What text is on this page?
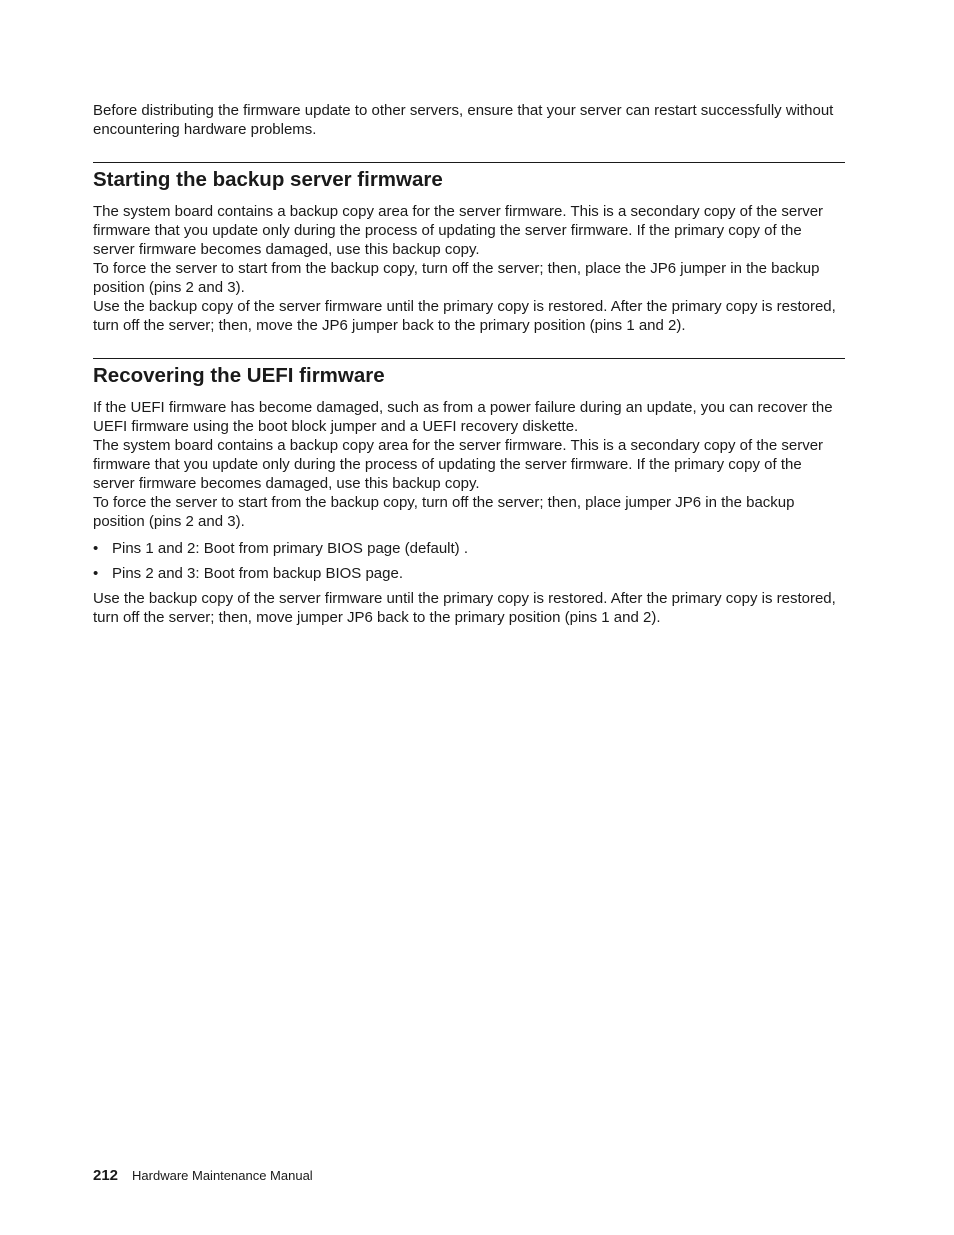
Before distributing the firmware update to other servers, ensure that your server can restart successfully without encountering hardware problems.

Starting the backup server firmware

The system board contains a backup copy area for the server firmware. This is a secondary copy of the server firmware that you update only during the process of updating the server firmware. If the primary copy of the server firmware becomes damaged, use this backup copy.

To force the server to start from the backup copy, turn off the server; then, place the JP6 jumper in the backup position (pins 2 and 3).

Use the backup copy of the server firmware until the primary copy is restored. After the primary copy is restored, turn off the server; then, move the JP6 jumper back to the primary position (pins 1 and 2).

Recovering the UEFI firmware

If the UEFI firmware has become damaged, such as from a power failure during an update, you can recover the UEFI firmware using the boot block jumper and a UEFI recovery diskette.

The system board contains a backup copy area for the server firmware. This is a secondary copy of the server firmware that you update only during the process of updating the server firmware. If the primary copy of the server firmware becomes damaged, use this backup copy.

To force the server to start from the backup copy, turn off the server; then, place jumper JP6 in the backup position (pins 2 and 3).

• Pins 1 and 2: Boot from primary BIOS page (default) .
• Pins 2 and 3: Boot from backup BIOS page.

Use the backup copy of the server firmware until the primary copy is restored. After the primary copy is restored, turn off the server; then, move jumper JP6 back to the primary position (pins 1 and 2).

212 Hardware Maintenance Manual
